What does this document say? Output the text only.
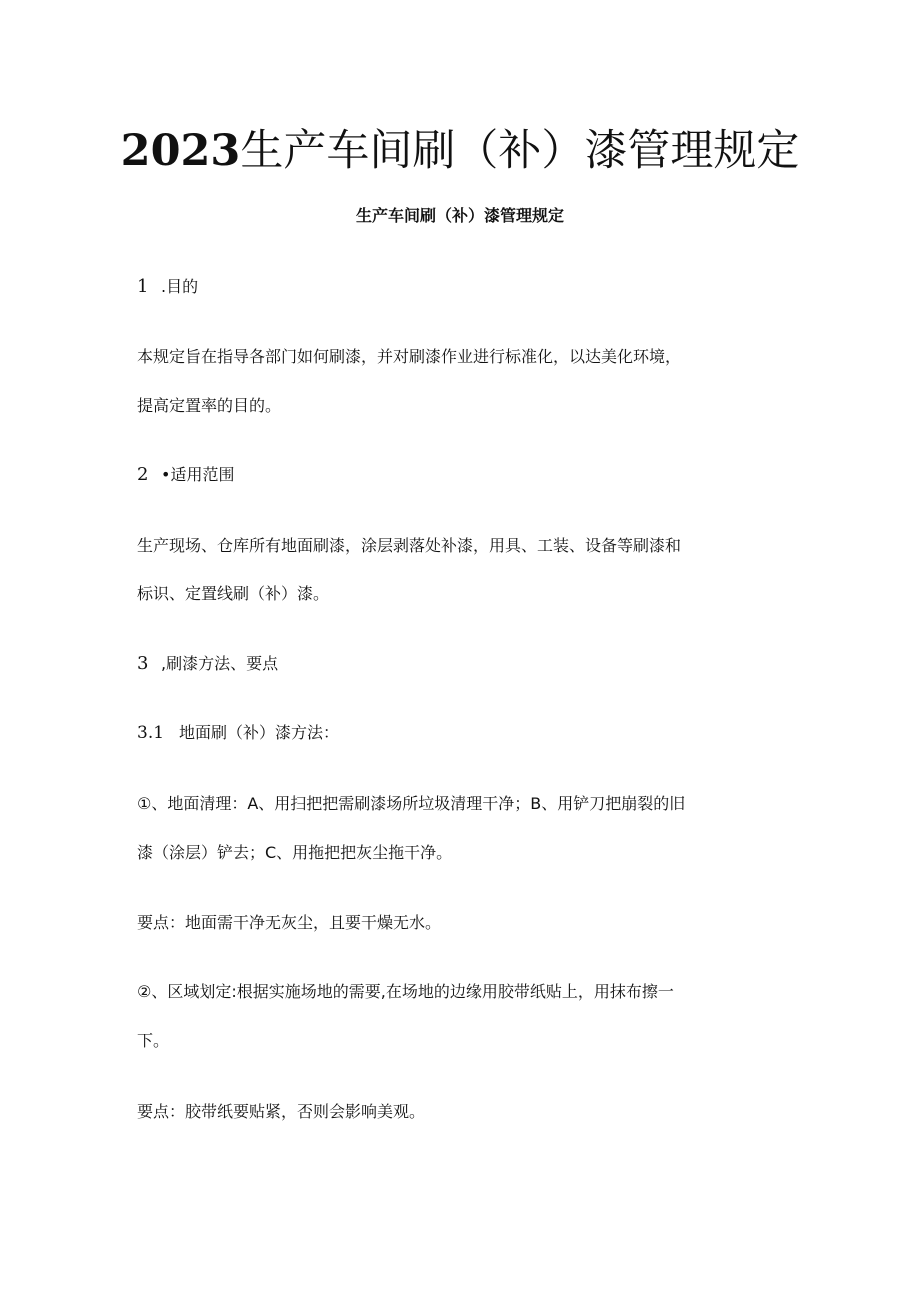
2023生产车间刷（补）漆管理规定
生产车间刷（补）漆管理规定

1 .目的

本规定旨在指导各部门如何刷漆，并对刷漆作业进行标准化，以达美化环境，

提高定置率的目的。

2 •适用范围

生产现场、仓库所有地面刷漆，涂层剥落处补漆，用具、工装、设备等刷漆和

标识、定置线刷（补）漆。

3 ,刷漆方法、要点

3.1 地面刷（补）漆方法：

①、地面清理：A、用扫把把需刷漆场所垃圾清理干净；B、用铲刀把崩裂的旧

漆（涂层）铲去；C、用拖把把灰尘拖干净。

要点：地面需干净无灰尘，且要干燥无水。

②、区域划定:根据实施场地的需要,在场地的边缘用胶带纸贴上，用抹布擦一

下。

要点：胶带纸要贴紧，否则会影响美观。
